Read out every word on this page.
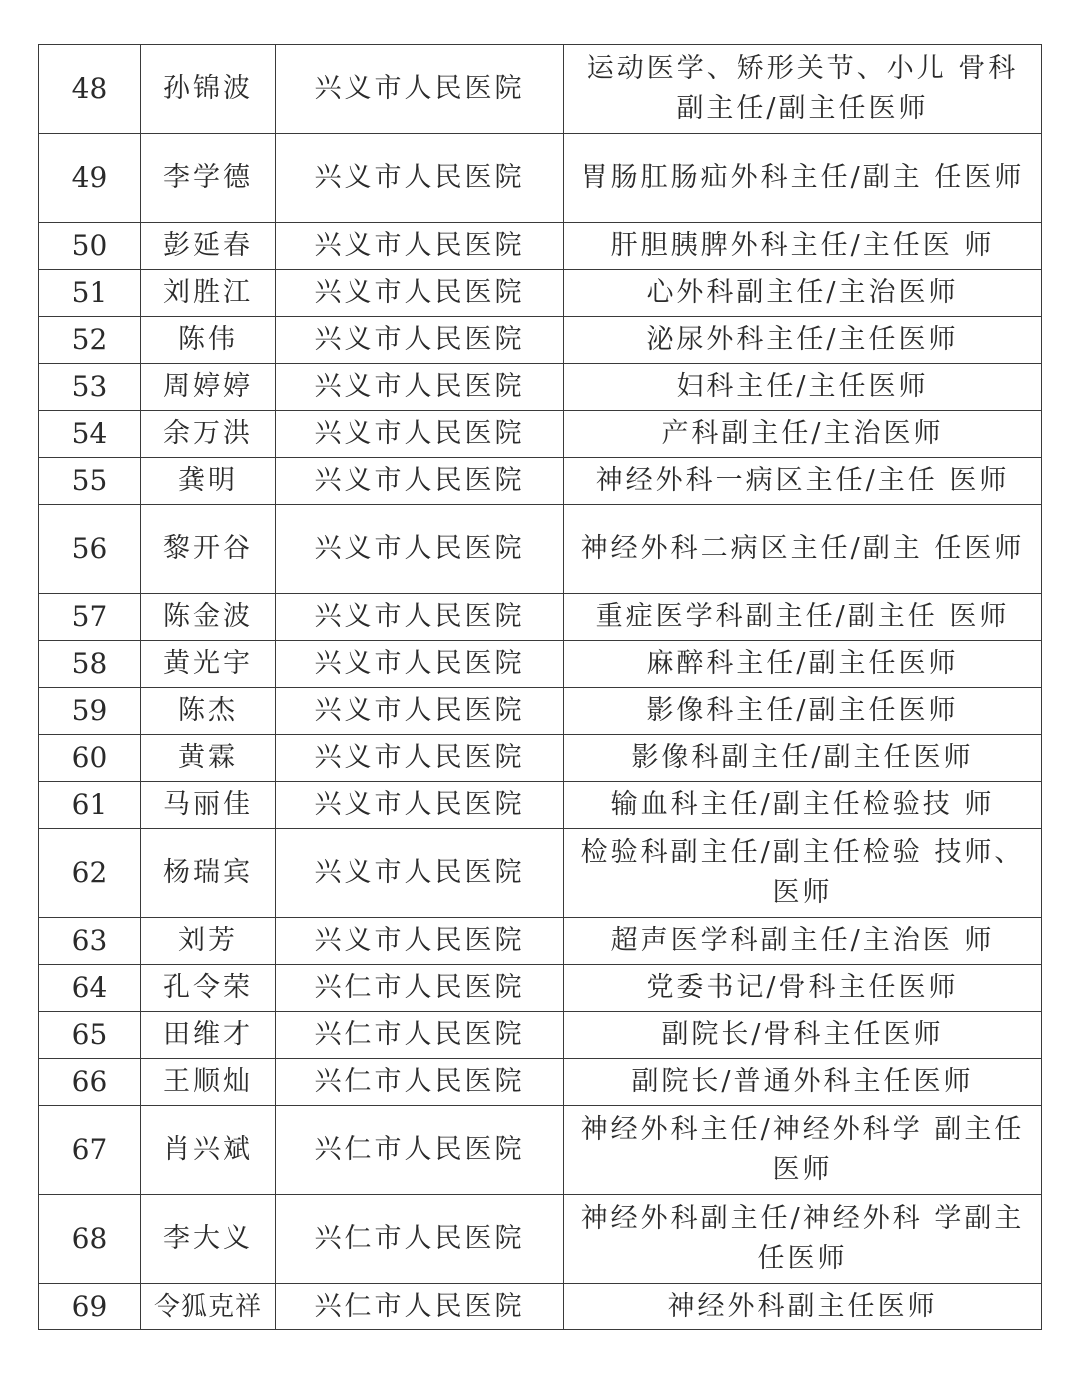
48	孙锦波	兴义市人民医院	运动医学、矫形关节、小儿 骨科副主任/副主任医师
49	李学德	兴义市人民医院	胃肠肛肠疝外科主任/副主 任医师
50	彭延春	兴义市人民医院	肝胆胰脾外科主任/主任医 师
51	刘胜江	兴义市人民医院	心外科副主任/主治医师
52	陈伟	兴义市人民医院	泌尿外科主任/主任医师
53	周婷婷	兴义市人民医院	妇科主任/主任医师
54	余万洪	兴义市人民医院	产科副主任/主治医师
55	龚明	兴义市人民医院	神经外科一病区主任/主任 医师
56	黎开谷	兴义市人民医院	神经外科二病区主任/副主 任医师
57	陈金波	兴义市人民医院	重症医学科副主任/副主任 医师
58	黄光宇	兴义市人民医院	麻醉科主任/副主任医师
59	陈杰	兴义市人民医院	影像科主任/副主任医师
60	黄霖	兴义市人民医院	影像科副主任/副主任医师
61	马丽佳	兴义市人民医院	输血科主任/副主任检验技 师
62	杨瑞宾	兴义市人民医院	检验科副主任/副主任检验 技师、医师
63	刘芳	兴义市人民医院	超声医学科副主任/主治医 师
64	孔令荣	兴仁市人民医院	党委书记/骨科主任医师
65	田维才	兴仁市人民医院	副院长/骨科主任医师
66	王顺灿	兴仁市人民医院	副院长/普通外科主任医师
67	肖兴斌	兴仁市人民医院	神经外科主任/神经外科学 副主任医师
68	李大义	兴仁市人民医院	神经外科副主任/神经外科 学副主任医师
69	令狐克祥	兴仁市人民医院	神经外科副主任医师
